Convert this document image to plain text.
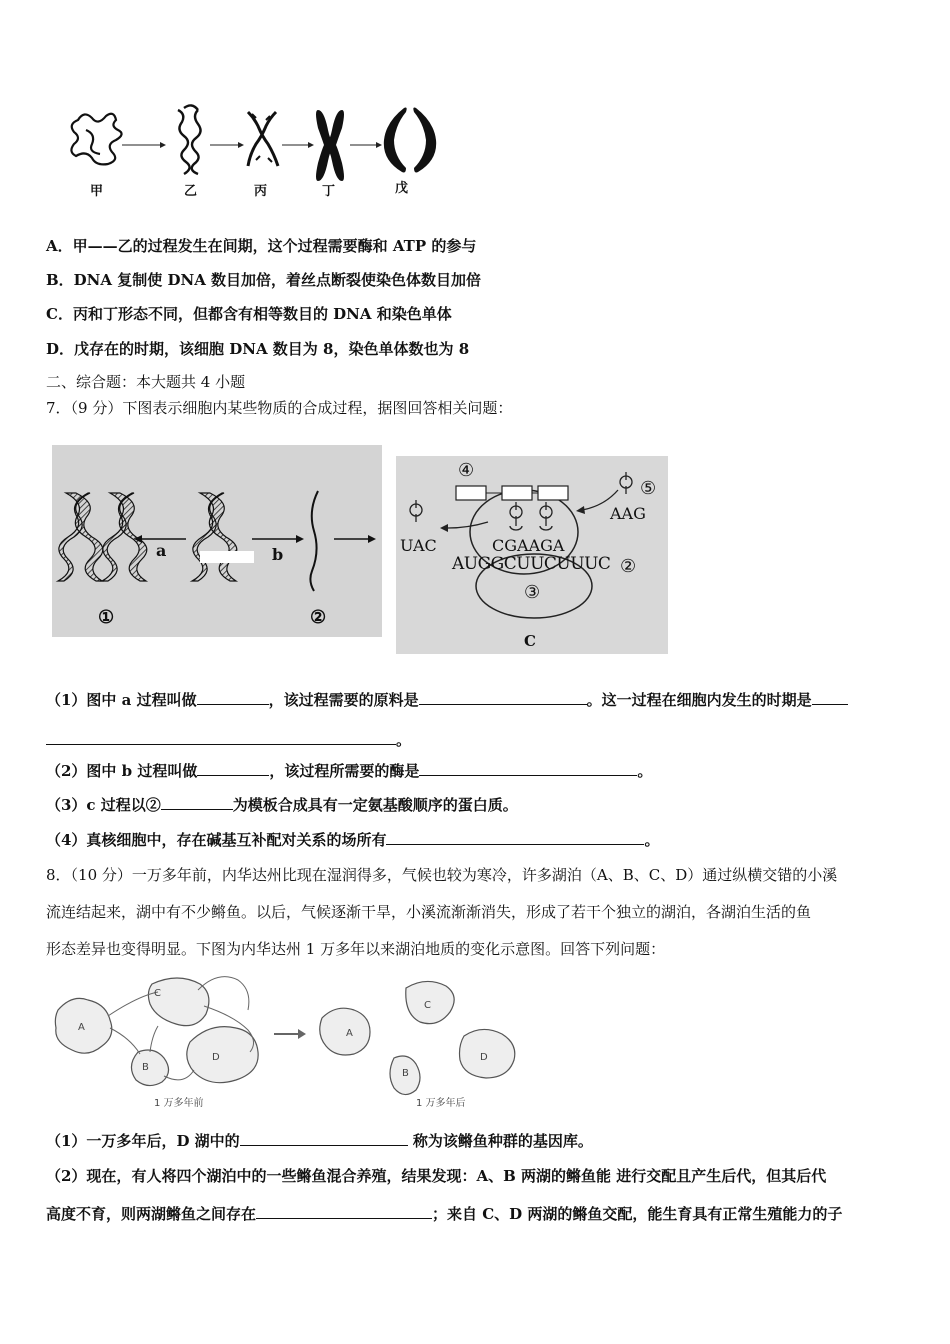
甲	乙	丙	丁	戊
A．甲——乙的过程发生在间期，这个过程需要酶和 ATP 的参与
B．DNA 复制使 DNA 数目加倍，着丝点断裂使染色体数目加倍
C．丙和丁形态不同，但都含有相等数目的 DNA 和染色单体
D．戊存在的时期，该细胞 DNA 数目为 8，染色单体数也为 8
二、综合题：本大题共 4 小题
7．（9 分）下图表示细胞内某些物质的合成过程，据图回答相关问题：
a	b
①	②
④
⑤
AAG
UAC	CGAAGA
AUGGCUUCUUUC ②
③
C
（1）图中 a 过程叫做	，该过程需要的原料是	。这一过程在细胞内发生的时期是
。
（2）图中 b 过程叫做	，该过程所需要的酶是	。
（3）c 过程以②	为模板合成具有一定氨基酸顺序的蛋白质。
（4）真核细胞中，存在碱基互补配对关系的场所有	。
8．（10 分）一万多年前，内华达州比现在湿润得多，气候也较为寒冷，许多湖泊（A、B、C、D）通过纵横交错的小溪
流连结起来，湖中有不少鳉鱼。以后，气候逐渐干旱，小溪流渐渐消失，形成了若干个独立的湖泊，各湖泊生活的鱼
形态差异也变得明显。下图为内华达州 1 万多年以来湖泊地质的变化示意图。回答下列问题：
A
B
C
D
A
C
B
D
1 万多年前	1 万多年后
（1）一万多年后，D 湖中的	称为该鳉鱼种群的基因库。
（2）现在，有人将四个湖泊中的一些鳉鱼混合养殖，结果发现：A、B 两湖的鳉鱼能 进行交配且产生后代，但其后代
高度不育，则两湖鳉鱼之间存在	；来自 C、D 两湖的鳉鱼交配，能生育具有正常生殖能力的子
